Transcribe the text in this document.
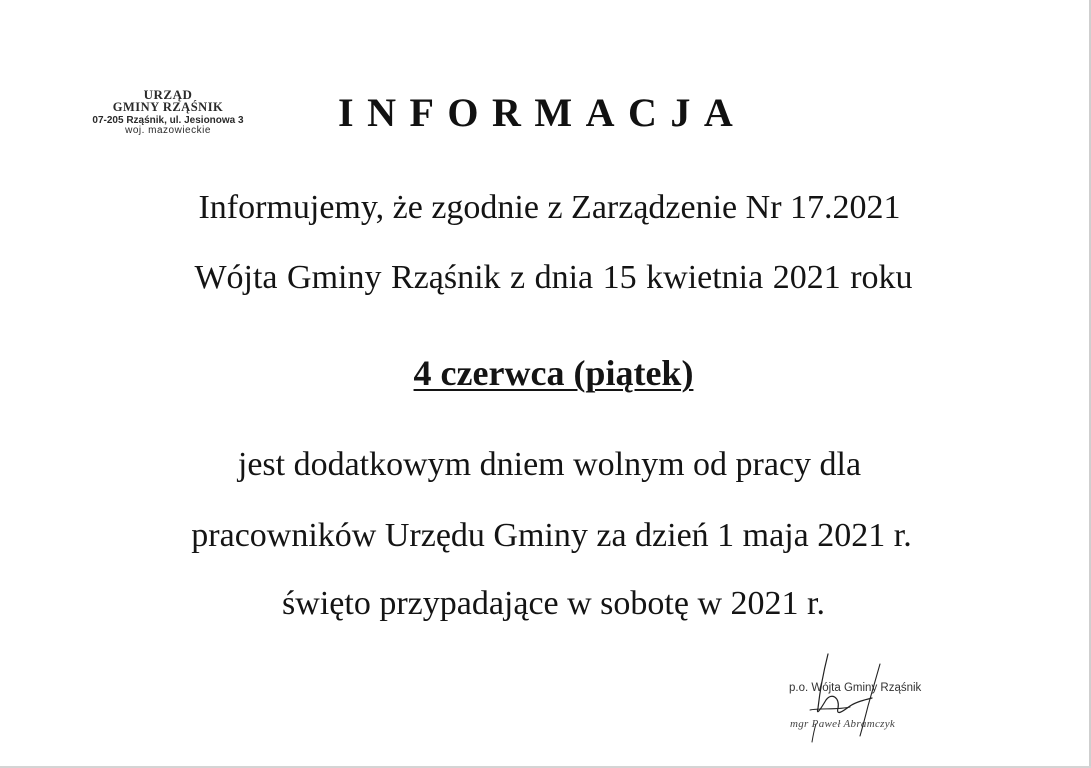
URZĄD
GMINY RZĄŚNIK
07-205 Rząśnik, ul. Jesionowa 3
woj. mazowieckie	INFORMACJA
Informujemy, że zgodnie z Zarządzenie Nr 17.2021
Wójta Gminy Rząśnik z dnia 15 kwietnia 2021 roku
4 czerwca (piątek)
jest dodatkowym dniem wolnym od pracy dla
pracowników Urzędu Gminy za dzień 1 maja 2021 r.
święto przypadające w sobotę w 2021 r.
p.o. Wójta Gminy Rząśnik
mgr Paweł Abramczyk
